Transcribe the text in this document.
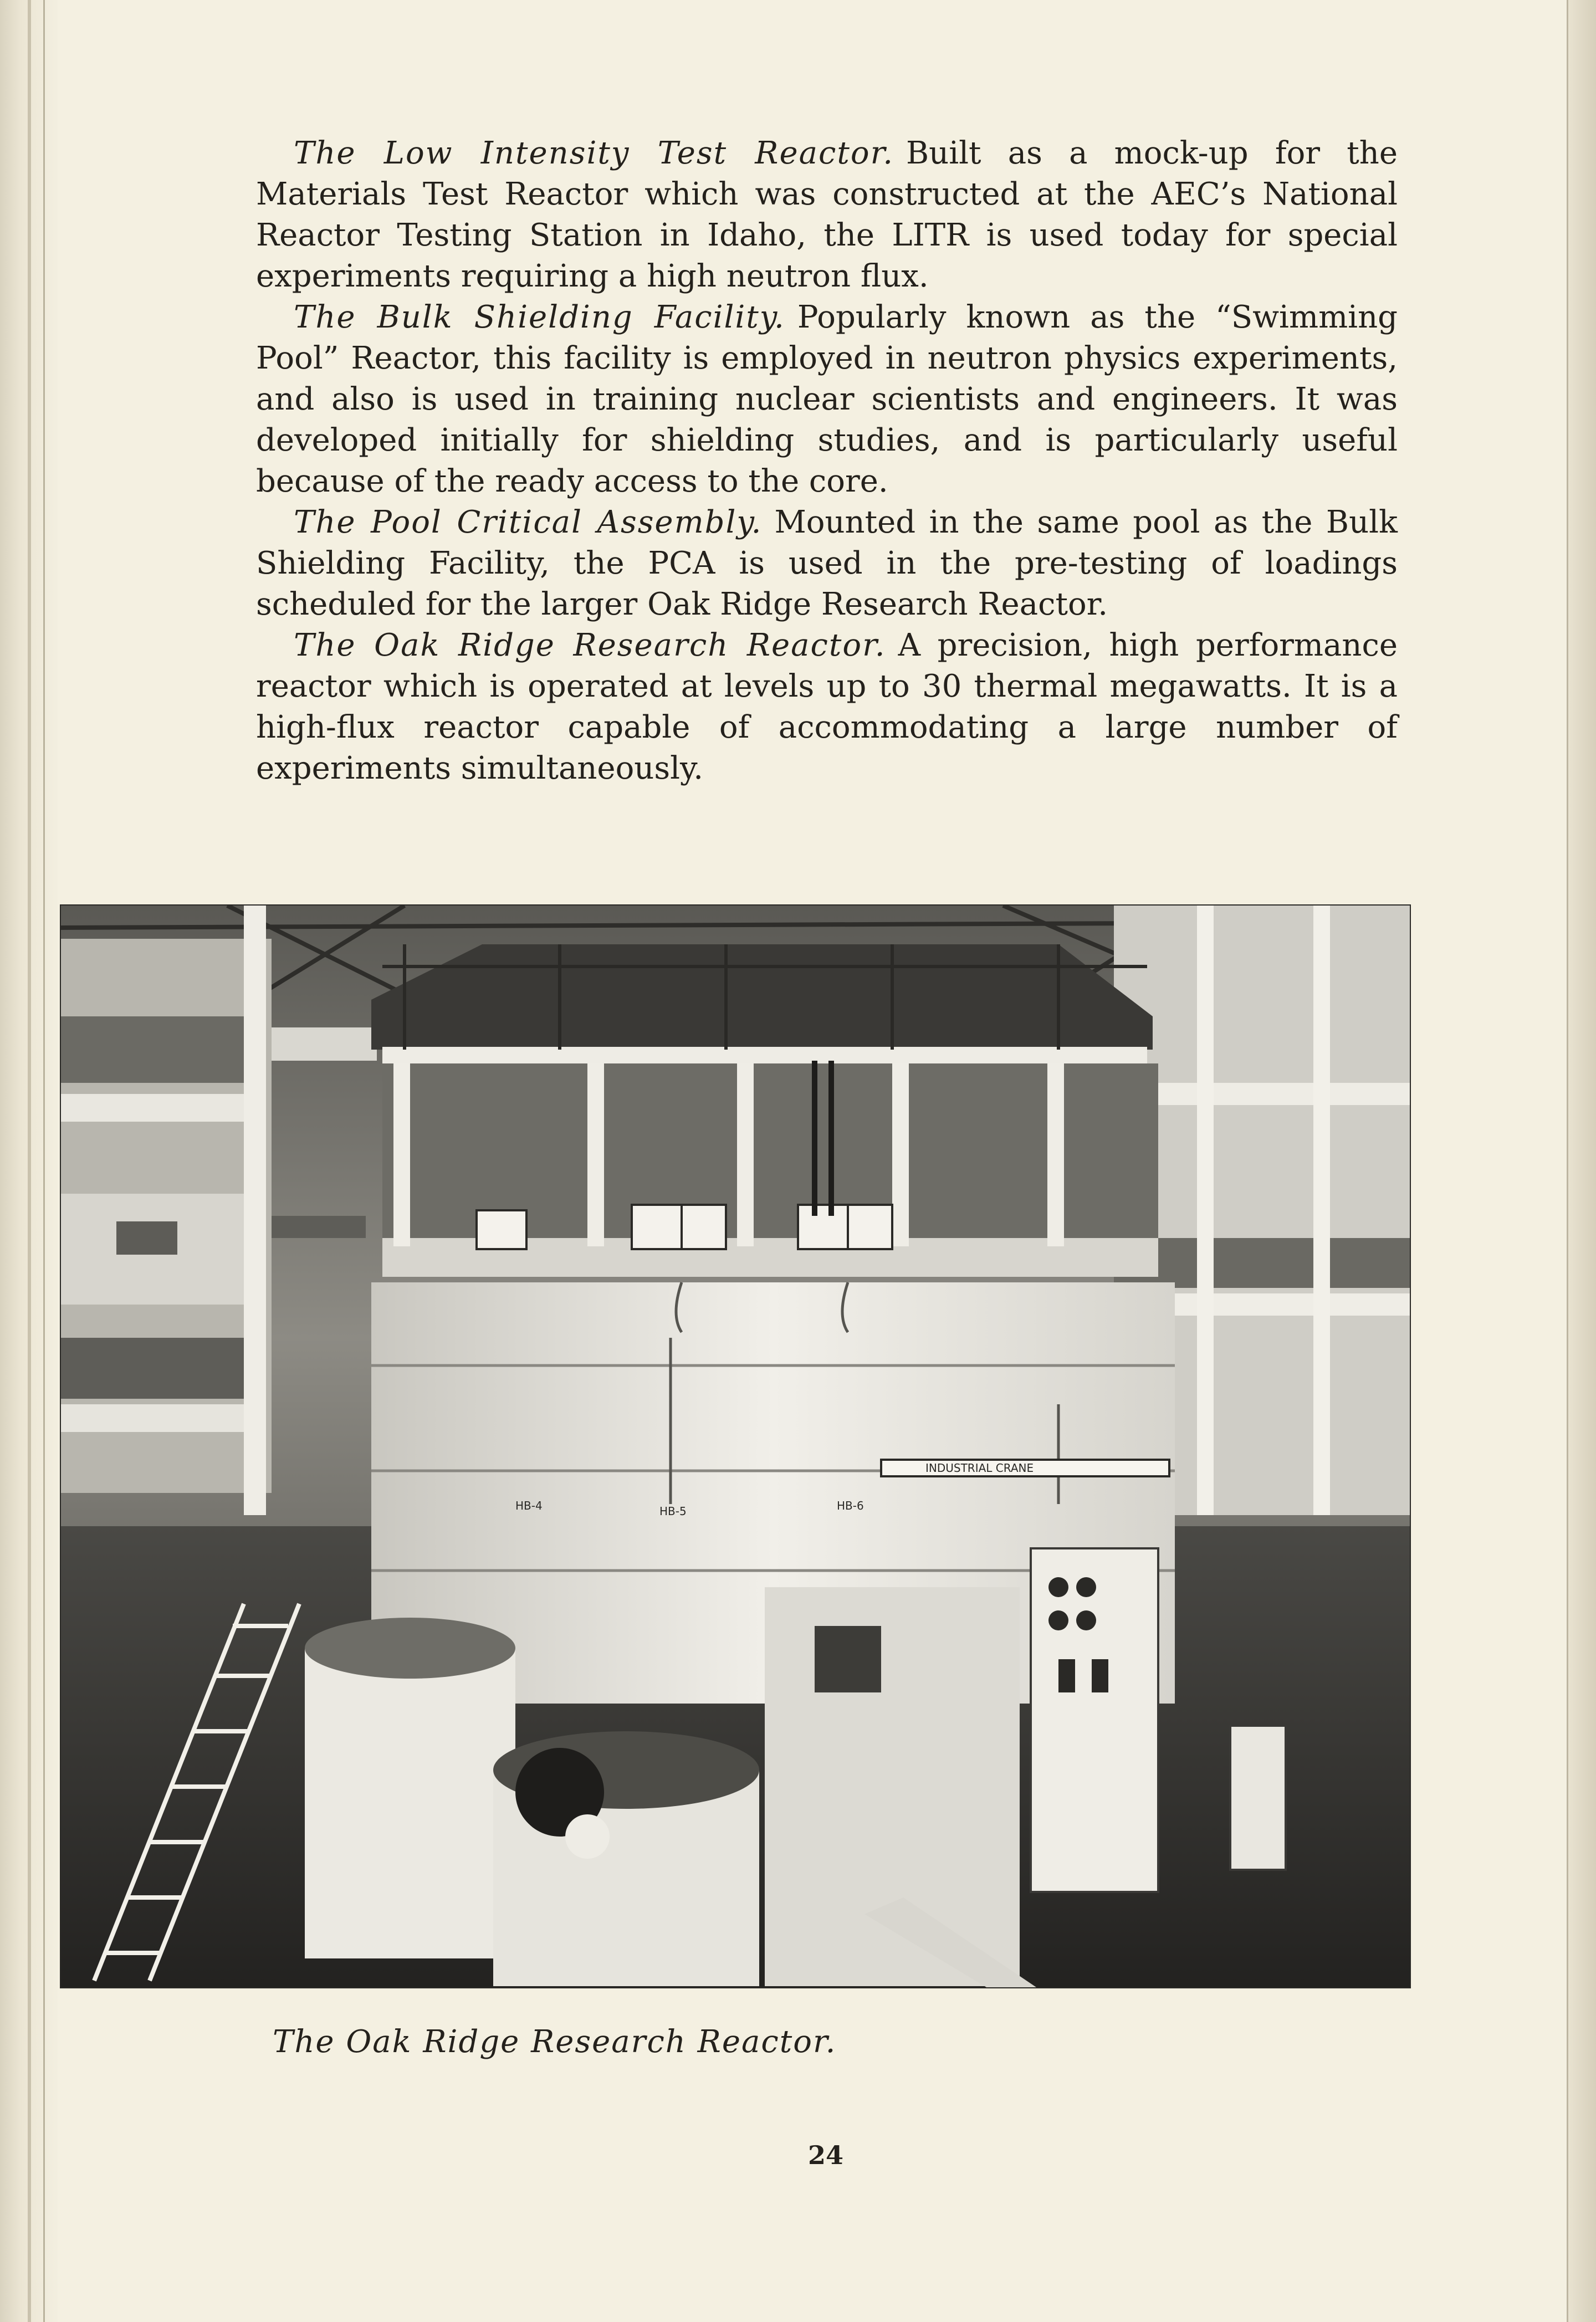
The Low Intensity Test Reactor. Built as a mock-up for the Materials Test Reactor which was constructed at the AEC’s National Reactor Testing Station in Idaho, the LITR is used today for special experiments requiring a high neutron flux.

The Bulk Shielding Facility. Popularly known as the “Swimming Pool” Reactor, this facility is employed in neutron physics experiments, and also is used in training nuclear scientists and engineers. It was developed initially for shielding studies, and is particularly useful because of the ready access to the core.

The Pool Critical Assembly. Mounted in the same pool as the Bulk Shielding Facility, the PCA is used in the pre-testing of loadings scheduled for the larger Oak Ridge Research Reactor.

The Oak Ridge Research Reactor. A precision, high performance reactor which is operated at levels up to 30 thermal megawatts. It is a high-flux reactor capable of accommodating a large number of experiments simultaneously.

INDUSTRIAL CRANE
HB-4	HB-5	HB-6
The Oak Ridge Research Reactor.
24
